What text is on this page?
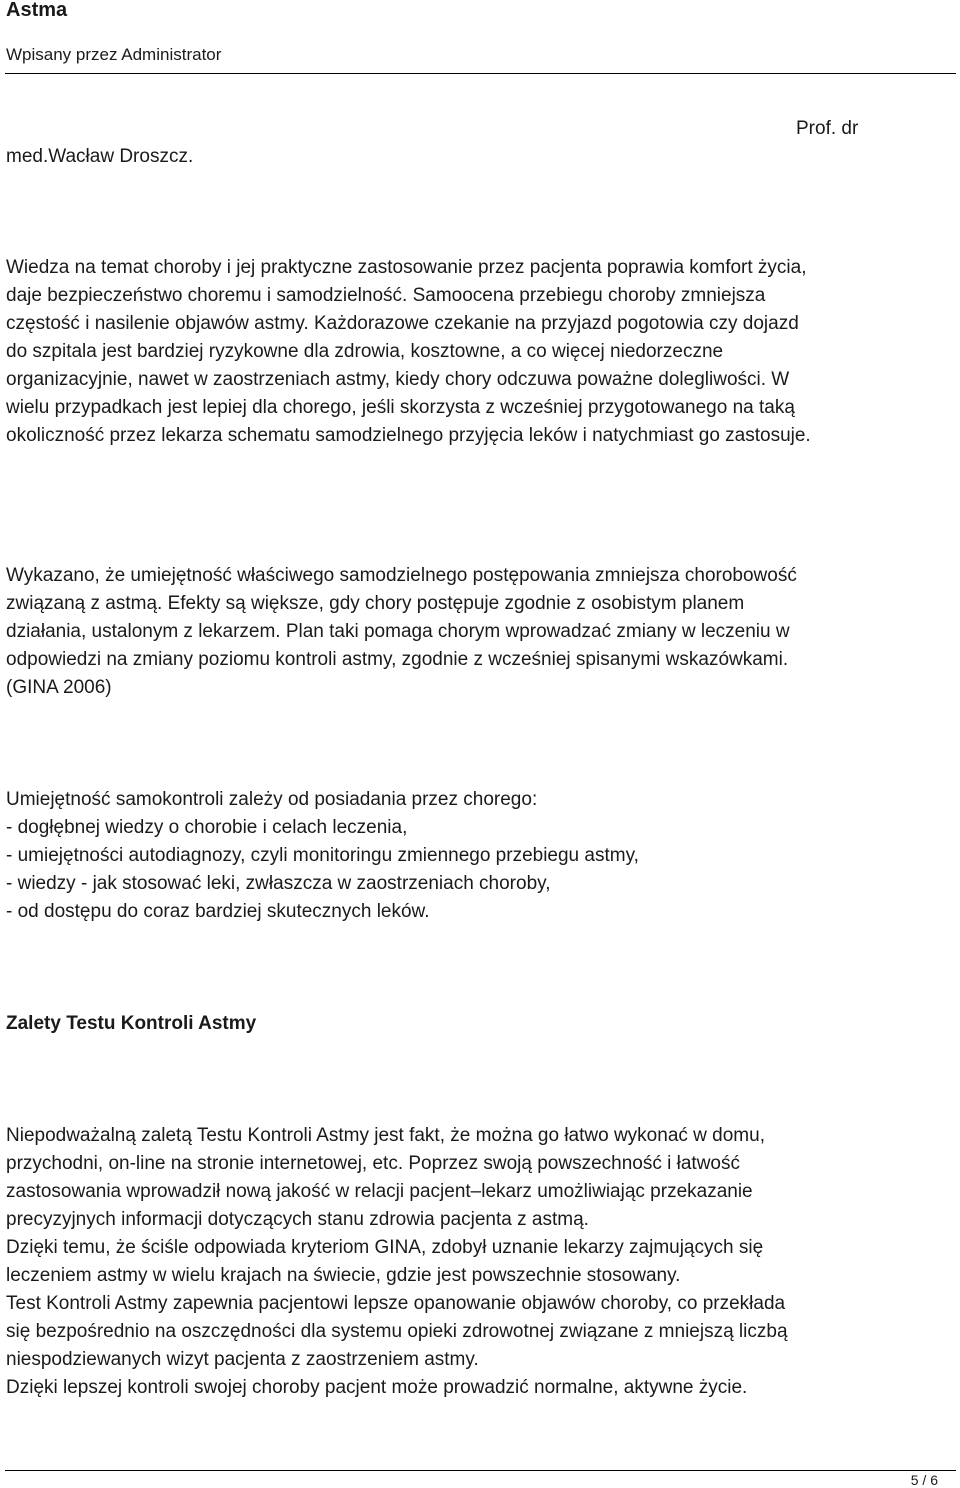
Astma

Wpisany przez Administrator

Prof. dr

med.Wacław Droszcz.

Wiedza na temat choroby i jej praktyczne zastosowanie przez pacjenta poprawia komfort życia,
daje bezpieczeństwo choremu i samodzielność. Samoocena przebiegu choroby zmniejsza
częstość i nasilenie objawów astmy. Każdorazowe czekanie na przyjazd pogotowia czy dojazd
do szpitala jest bardziej ryzykowne dla zdrowia, kosztowne, a co więcej niedorzeczne
organizacyjnie, nawet w zaostrzeniach astmy, kiedy chory odczuwa poważne dolegliwości. W
wielu przypadkach jest lepiej dla chorego, jeśli skorzysta z wcześniej przygotowanego na taką
okoliczność przez lekarza schematu samodzielnego przyjęcia leków i natychmiast go zastosuje.

Wykazano, że umiejętność właściwego samodzielnego postępowania zmniejsza chorobowość
związaną z astmą. Efekty są większe, gdy chory postępuje zgodnie z osobistym planem
działania, ustalonym z lekarzem. Plan taki pomaga chorym wprowadzać zmiany w leczeniu w
odpowiedzi na zmiany poziomu kontroli astmy, zgodnie z wcześniej spisanymi wskazówkami.
(GINA 2006)

Umiejętność samokontroli zależy od posiadania przez chorego:
- dogłębnej wiedzy o chorobie i celach leczenia,
- umiejętności autodiagnozy, czyli monitoringu zmiennego przebiegu astmy,
- wiedzy - jak stosować leki, zwłaszcza w zaostrzeniach choroby,
- od dostępu do coraz bardziej skutecznych leków.

Zalety Testu Kontroli Astmy

Niepodważalną zaletą Testu Kontroli Astmy jest fakt, że można go łatwo wykonać w domu,
przychodni, on-line na stronie internetowej, etc. Poprzez swoją powszechność i łatwość
zastosowania wprowadził nową jakość w relacji pacjent–lekarz umożliwiając przekazanie
precyzyjnych informacji dotyczących stanu zdrowia pacjenta z astmą.
Dzięki temu, że ściśle odpowiada kryteriom GINA, zdobył uznanie lekarzy zajmujących się
leczeniem astmy w wielu krajach na świecie, gdzie jest powszechnie stosowany.
Test Kontroli Astmy zapewnia pacjentowi lepsze opanowanie objawów choroby, co przekłada
się bezpośrednio na oszczędności dla systemu opieki zdrowotnej związane z mniejszą liczbą
niespodziewanych wizyt pacjenta z zaostrzeniem astmy.
Dzięki lepszej kontroli swojej choroby pacjent może prowadzić normalne, aktywne życie.

5 / 6
